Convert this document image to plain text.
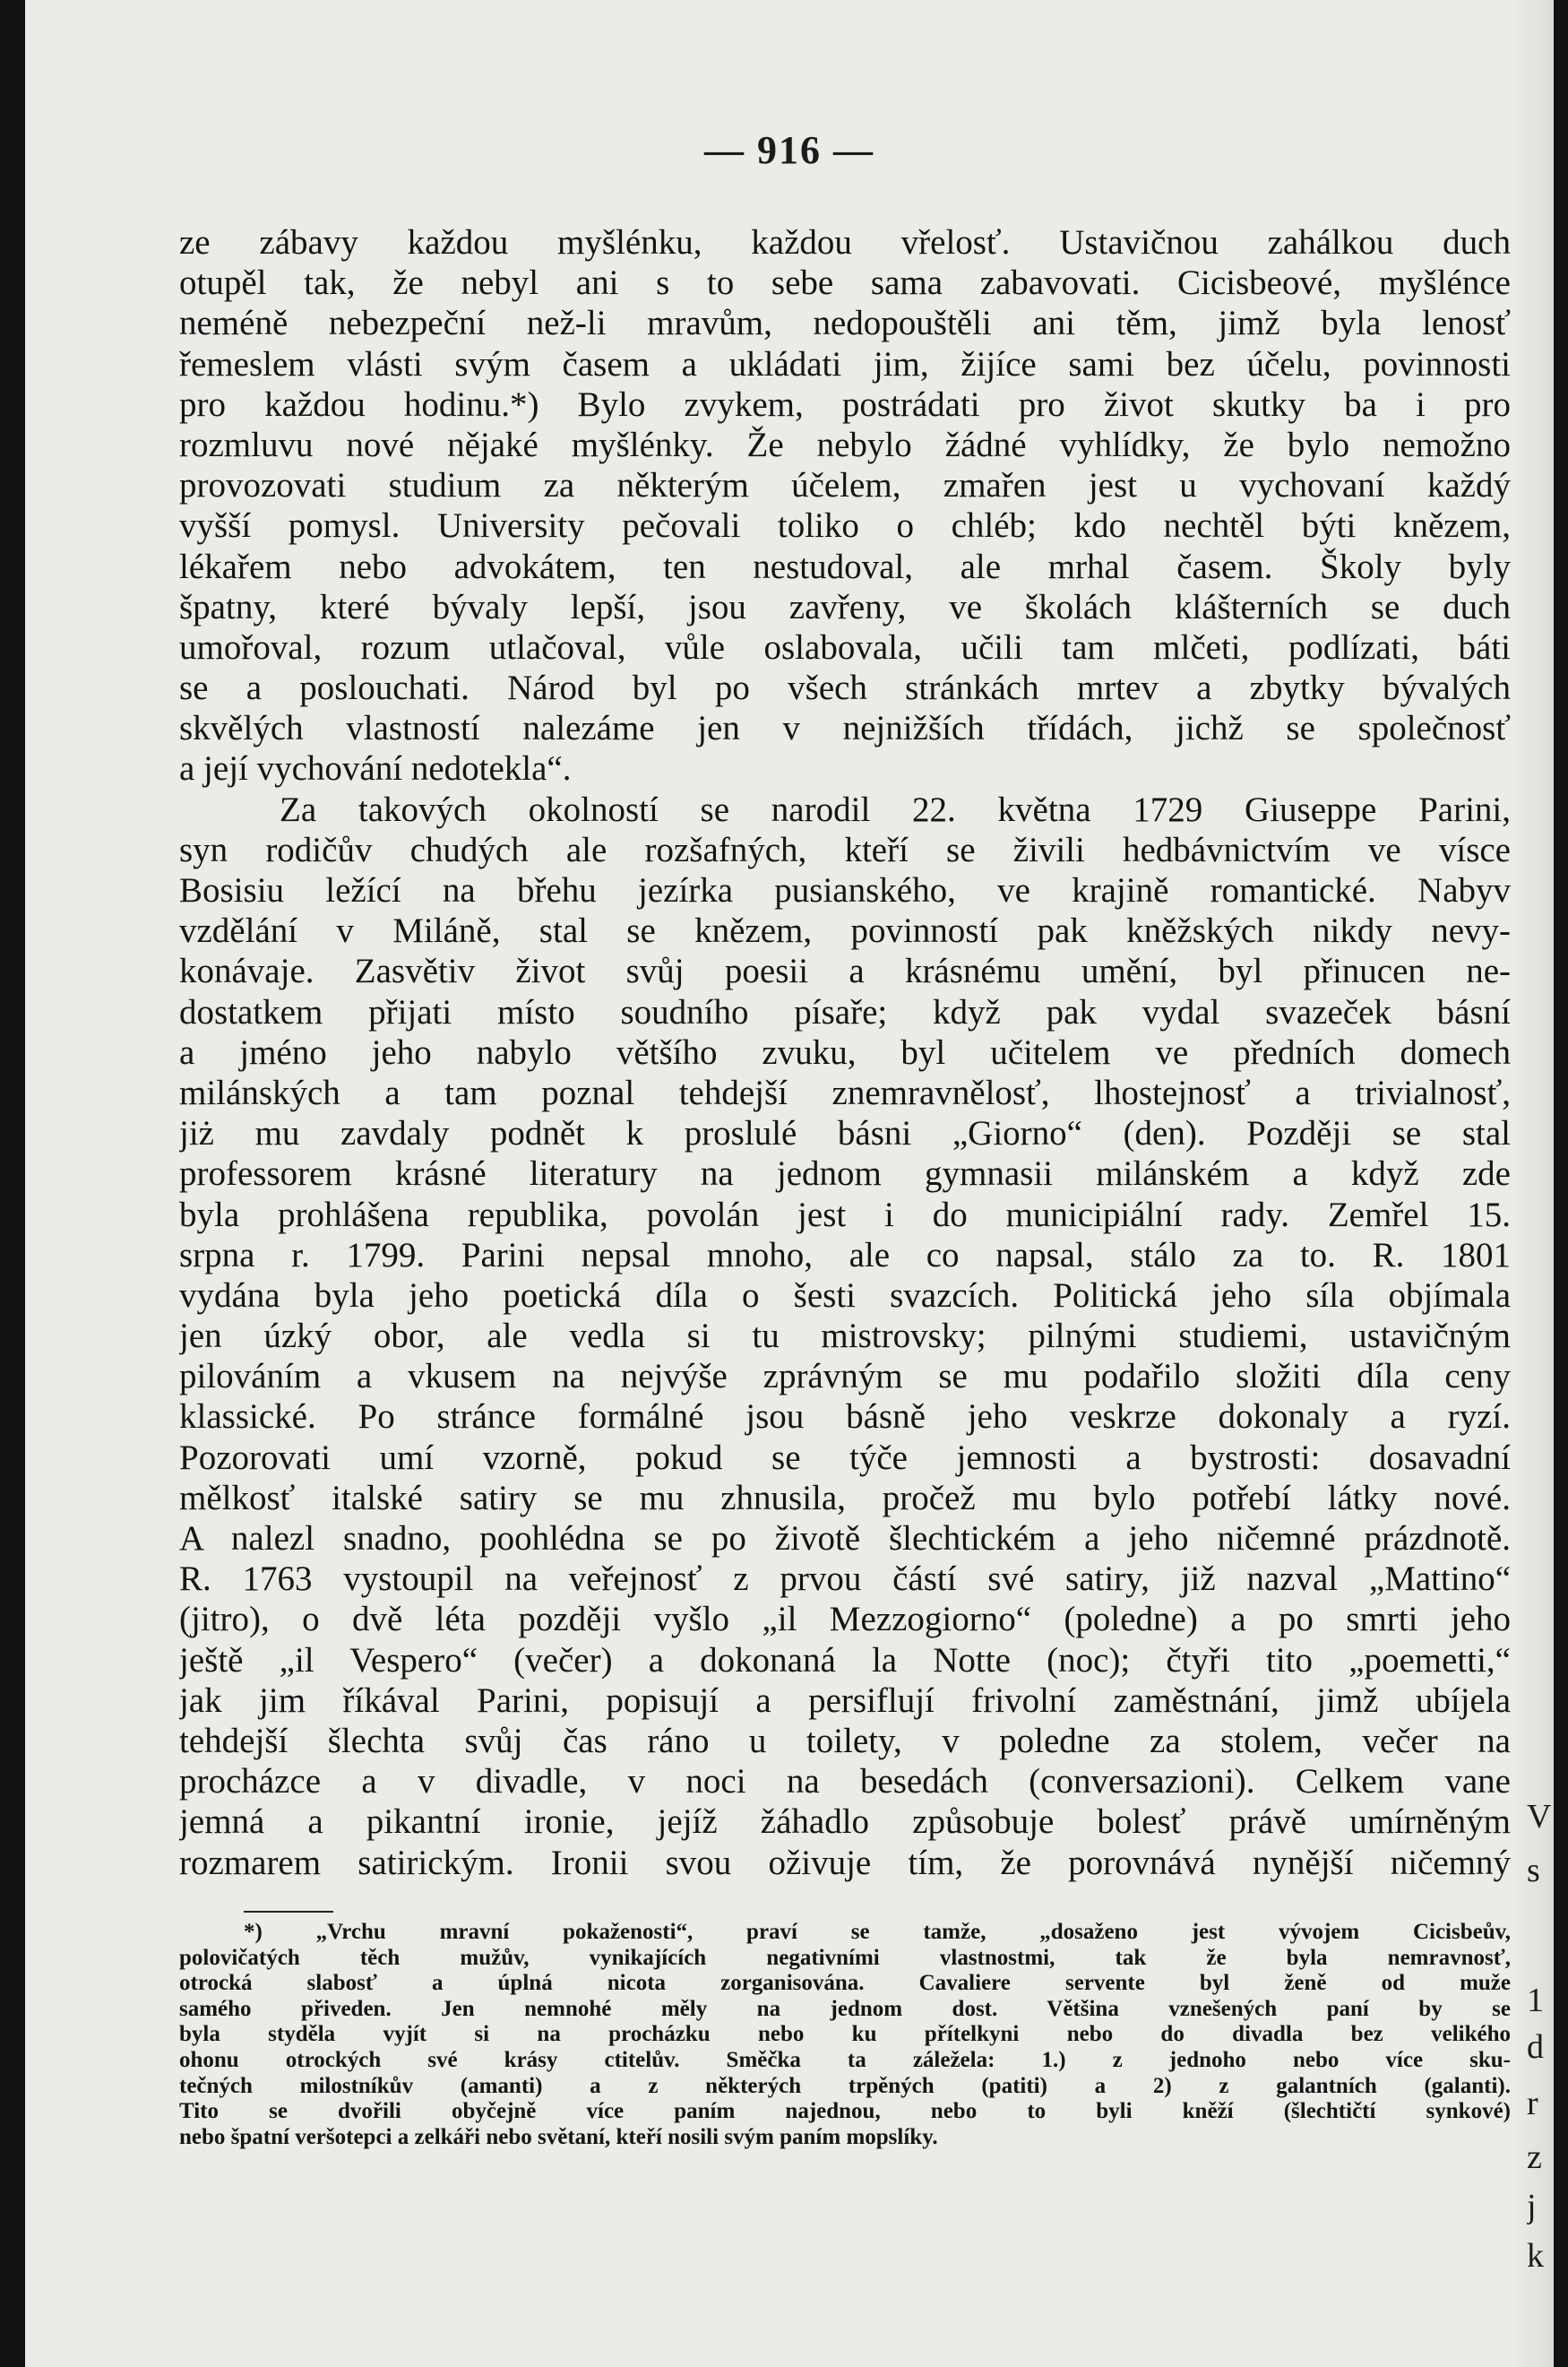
— 916 —
ze zábavy každou myšlénku, každou vřelosť. Ustavičnou zahálkou duch
otupěl tak, že nebyl ani s to sebe sama zabavovati. Cicisbeové, myšlénce
neméně nebezpeční než-li mravům, nedopouštěli ani těm, jimž byla lenosť
řemeslem vlásti svým časem a ukládati jim, žijíce sami bez účelu, povinnosti
pro každou hodinu.*) Bylo zvykem, postrádati pro život skutky ba i pro
rozmluvu nové nějaké myšlénky. Že nebylo žádné vyhlídky, že bylo nemožno
provozovati studium za některým účelem, zmařen jest u vychovaní každý
vyšší pomysl. University pečovali toliko o chléb; kdo nechtěl býti knězem,
lékařem nebo advokátem, ten nestudoval, ale mrhal časem. Školy byly
špatny, které bývaly lepší, jsou zavřeny, ve školách klášterních se duch
umořoval, rozum utlačoval, vůle oslabovala, učili tam mlčeti, podlízati, báti
se a poslouchati. Národ byl po všech stránkách mrtev a zbytky bývalých
skvělých vlastností nalezáme jen v nejnižších třídách, jichž se společnosť
a její vychování nedotekla“.
Za takových okolností se narodil 22. května 1729 Giuseppe Parini,
syn rodičův chudých ale rozšafných, kteří se živili hedbávnictvím ve vísce
Bosisiu ležící na břehu jezírka pusianského, ve krajině romantické. Nabyv
vzdělání v Miláně, stal se knězem, povinností pak kněžských nikdy nevy-
konávaje. Zasvětiv život svůj poesii a krásnému umění, byl přinucen ne-
dostatkem přijati místo soudního písaře; když pak vydal svazeček básní
a jméno jeho nabylo většího zvuku, byl učitelem ve předních domech
milánských a tam poznal tehdejší znemravnělosť, lhostejnosť a trivialnosť,
jiż mu zavdaly podnět k proslulé básni „Giorno“ (den). Později se stal
professorem krásné literatury na jednom gymnasii milánském a když zde
byla prohlášena republika, povolán jest i do municipiální rady. Zemřel 15.
srpna r. 1799. Parini nepsal mnoho, ale co napsal, stálo za to. R. 1801
vydána byla jeho poetická díla o šesti svazcích. Politická jeho síla objímala
jen úzký obor, ale vedla si tu mistrovsky; pilnými studiemi, ustavičným
pilováním a vkusem na nejvýše zprávným se mu podařilo složiti díla ceny
klassické. Po stránce formálné jsou básně jeho veskrze dokonaly a ryzí.
Pozorovati umí vzorně, pokud se týče jemnosti a bystrosti: dosavadní
mělkosť italské satiry se mu zhnusila, pročež mu bylo potřebí látky nové.
A nalezl snadno, poohlédna se po životě šlechtickém a jeho ničemné prázdnotě.
R. 1763 vystoupil na veřejnosť z prvou částí své satiry, již nazval „Mattino“
(jitro), o dvě léta později vyšlo „il Mezzogiorno“ (poledne) a po smrti jeho
ještě „il Vespero“ (večer) a dokonaná la Notte (noc); čtyři tito „poemetti,“
jak jim říkával Parini, popisují a persiflují frivolní zaměstnání, jimž ubíjela
tehdejší šlechta svůj čas ráno u toilety, v poledne za stolem, večer na
procházce a v divadle, v noci na besedách (conversazioni). Celkem vane
jemná a pikantní ironie, jejíž žáhadlo způsobuje bolesť právě umírněným
rozmarem satirickým. Ironii svou oživuje tím, že porovnává nynější ničemný
*) „Vrchu mravní pokaženosti“, praví se tamže, „dosaženo jest vývojem Cicisbeův,
polovičatých těch mužův, vynikajících negativními vlastnostmi, tak že byla nemravnosť,
otrocká slabosť a úplná nicota zorganisována. Cavaliere servente byl ženě od muže
samého přiveden. Jen nemnohé měly na jednom dost. Většina vznešených paní by se
byla styděla vyjít si na procházku nebo ku přítelkyni nebo do divadla bez velikého
ohonu otrockých své krásy ctitelův. Směčka ta záležela: 1.) z jednoho nebo více sku-
tečných milostníkův (amanti) a z některých trpěných (patiti) a 2) z galantních (galanti).
Tito se dvořili obyčejně více paním najednou, nebo to byli kněží (šlechtičtí synkové)
nebo špatní veršotepci a zelkáři nebo světaní, kteří nosili svým paním mopslíky.
V
s
1
d
r
z
j
k
